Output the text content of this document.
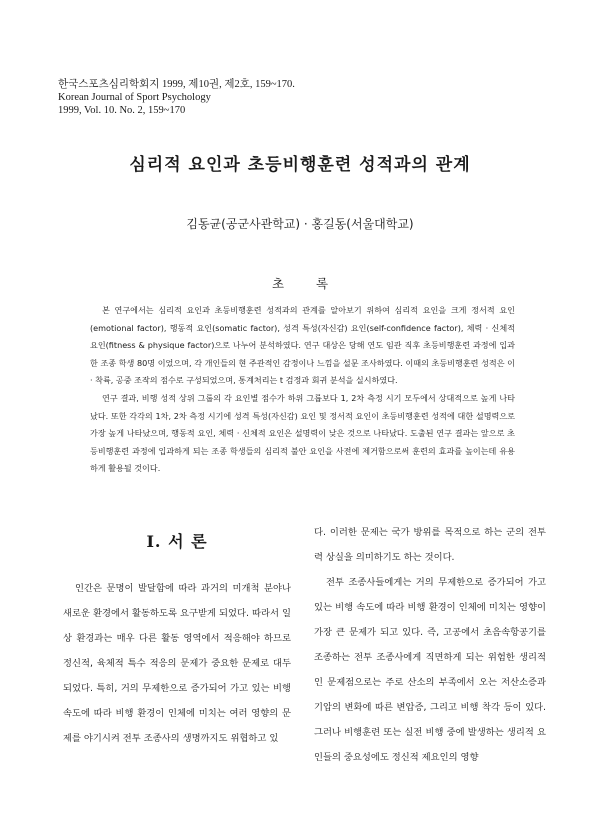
한국스포츠심리학회지 1999, 제10권, 제2호, 159~170.
Korean Journal of Sport Psychology
1999, Vol. 10. No. 2, 159~170
심리적 요인과 초등비행훈련 성적과의 관계
김동균(공군사관학교) · 홍길동(서울대학교)
초 록

본 연구에서는 심리적 요인과 초등비행훈련 성적과의 관계를 알아보기 위하여 심리적 요인을 크게 정서적 요인(emotional factor), 행동적 요인(somatic factor), 성격 특성(자신감) 요인(self-confidence factor), 체력 · 신체적 요인(fitness & physique factor)으로 나누어 분석하였다. 연구 대상은 당해 연도 임관 직후 초등비행훈련 과정에 입과한 조종 학생 80명 이었으며, 각 개인들의 현 주관적인 감정이나 느낌을 설문 조사하였다. 이때의 초등비행훈련 성적은 이 · 착륙, 공중 조작의 점수로 구성되었으며, 통계처리는 t 검정과 회귀 분석을 실시하였다.

연구 결과, 비행 성적 상위 그룹의 각 요인별 점수가 하위 그룹보다 1, 2차 측정 시기 모두에서 상대적으로 높게 나타났다. 또한 각각의 1차, 2차 측정 시기에 성격 특성(자신감) 요인 및 정서적 요인이 초등비행훈련 성적에 대한 설명력으로 가장 높게 나타났으며, 행동적 요인, 체력 · 신체적 요인은 설명력이 낮은 것으로 나타났다. 도출된 연구 결과는 앞으로 초등비행훈련 과정에 입과하게 되는 조종 학생들의 심리적 불안 요인을 사전에 제거함으로써 훈련의 효과를 높이는데 유용하게 활용될 것이다.

I. 서 론

인간은 문명이 발달함에 따라 과거의 미개척 분야나 새로운 환경에서 활동하도록 요구받게 되었다. 따라서 일상 환경과는 매우 다른 활동 영역에서 적응해야 하므로 정신적, 육체적 특수 적응의 문제가 중요한 문제로 대두되었다. 특히, 거의 무제한으로 증가되어 가고 있는 비행 속도에 따라 비행 환경이 인체에 미치는 여러 영향의 문제를 야기시켜 전투 조종사의 생명까지도 위협하고 있

다. 이러한 문제는 국가 방위를 목적으로 하는 군의 전투력 상실을 의미하기도 하는 것이다.

전투 조종사들에게는 거의 무제한으로 증가되어 가고 있는 비행 속도에 따라 비행 환경이 인체에 미치는 영향이 가장 큰 문제가 되고 있다. 즉, 고공에서 초음속항공기를 조종하는 전투 조종사에게 직면하게 되는 위험한 생리적인 문제점으로는 주로 산소의 부족에서 오는 저산소증과 기압의 변화에 따른 변압증, 그리고 비행 착각 등이 있다. 그러나 비행훈련 또는 실전 비행 중에 발생하는 생리적 요인들의 중요성에도 정신적 제요인의 영향
